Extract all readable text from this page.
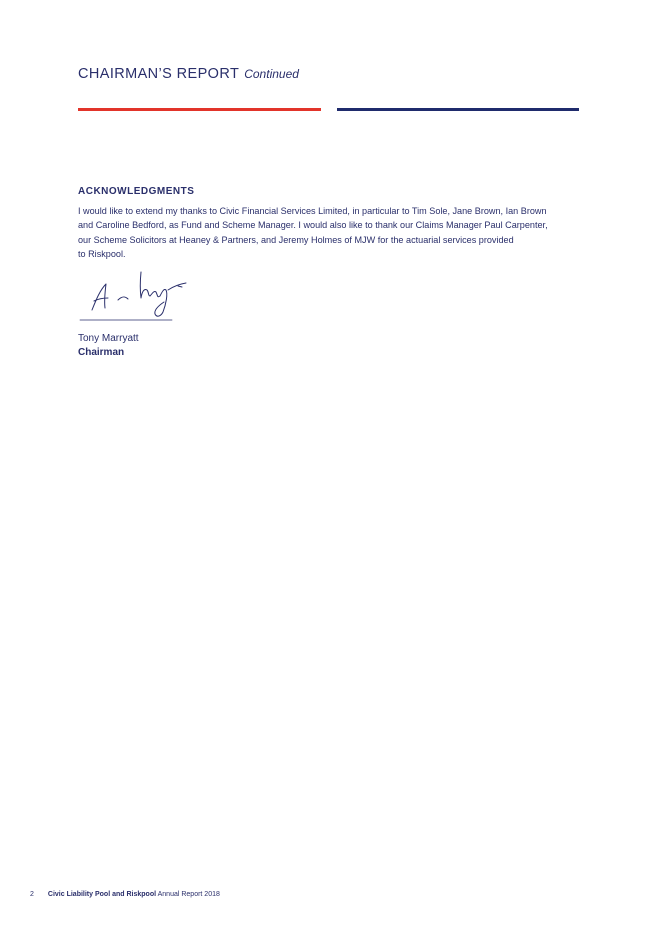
CHAIRMAN’S REPORT Continued
ACKNOWLEDGMENTS

I would like to extend my thanks to Civic Financial Services Limited, in particular to Tim Sole, Jane Brown, Ian Brown
and Caroline Bedford, as Fund and Scheme Manager. I would also like to thank our Claims Manager Paul Carpenter,
our Scheme Solicitors at Heaney & Partners, and Jeremy Holmes of MJW for the actuarial services provided
to Riskpool.

Tony Marryatt
Chairman
2 Civic Liability Pool and Riskpool Annual Report 2018
